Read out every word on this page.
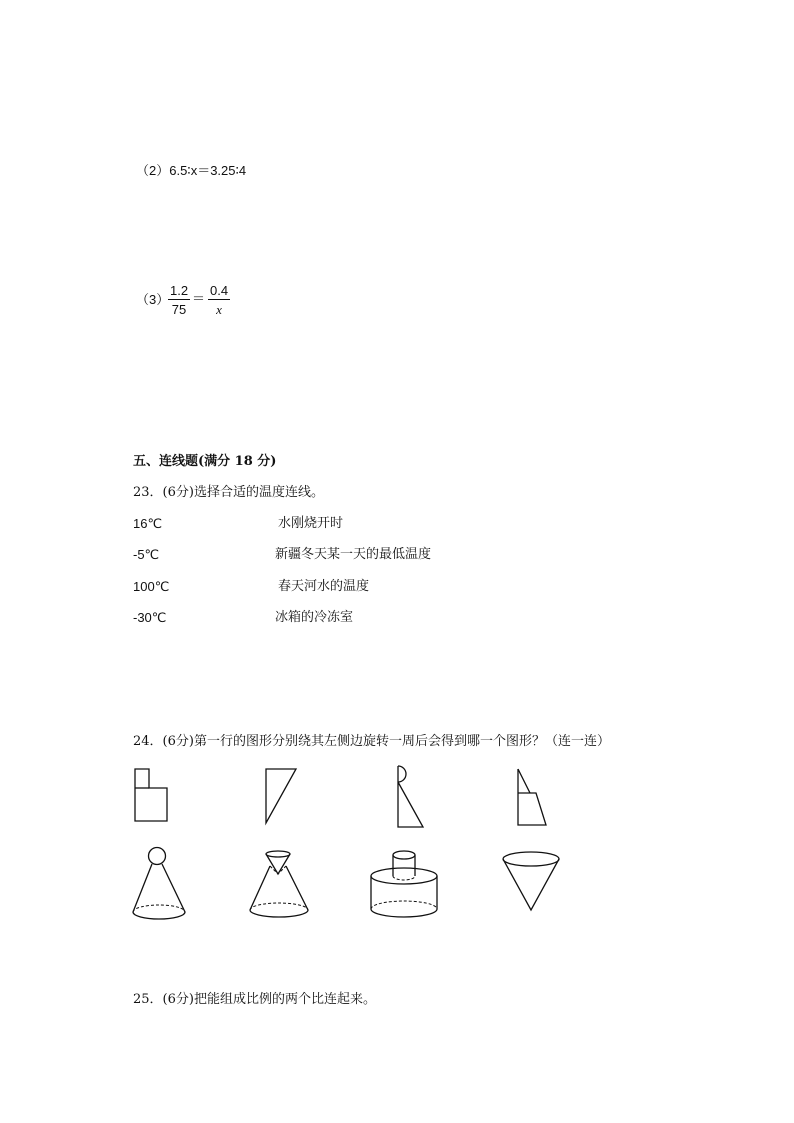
（2）6.5∶x＝3.25∶4
（3）
$\frac{1.2}{75} = \frac{0.4}{x}$
五、连线题(满分 18 分)
23．(6分)选择合适的温度连线。
16℃
-5℃
100℃
-30℃
水刚烧开时
新疆冬天某一天的最低温度
春天河水的温度
冰箱的冷冻室
24．(6分)第一行的图形分别绕其左侧边旋转一周后会得到哪一个图形？（连一连）
25．(6分)把能组成比例的两个比连起来。
